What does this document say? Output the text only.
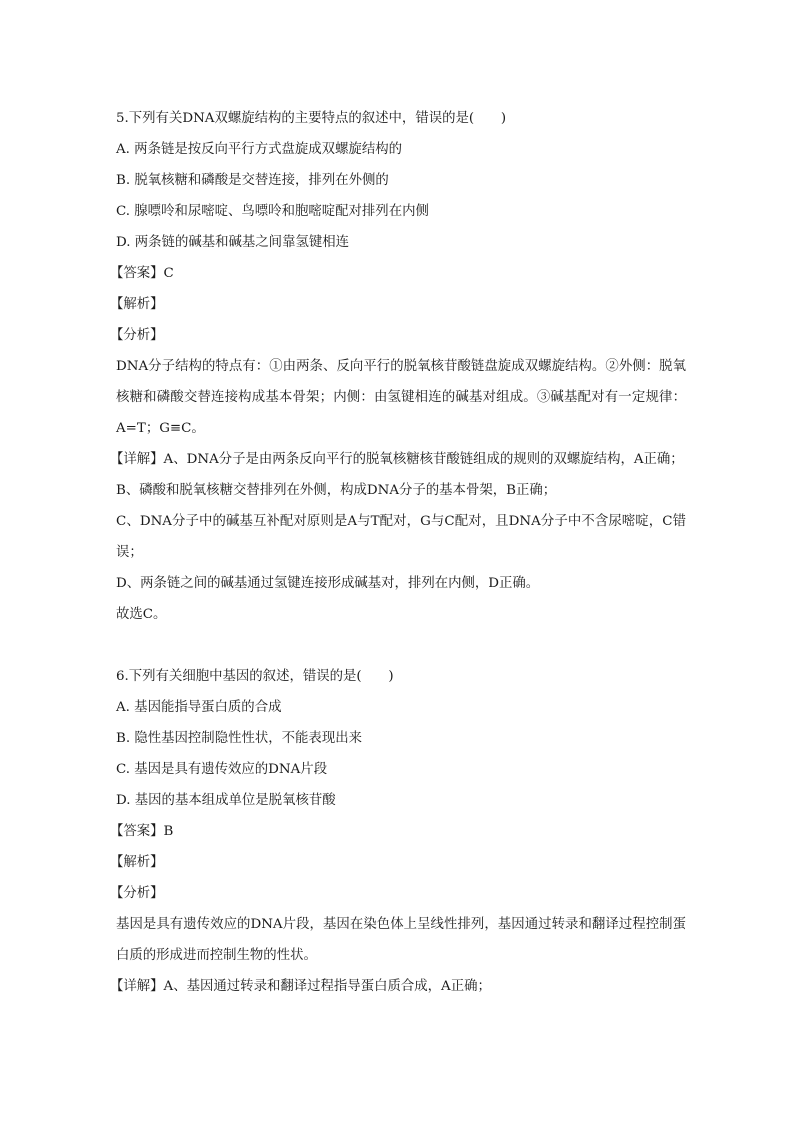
5.下列有关DNA双螺旋结构的主要特点的叙述中，错误的是(　　)
A. 两条链是按反向平行方式盘旋成双螺旋结构的
B. 脱氧核糖和磷酸是交替连接，排列在外侧的
C. 腺嘌呤和尿嘧啶、鸟嘌呤和胞嘧啶配对排列在内侧
D. 两条链的碱基和碱基之间靠氢键相连
【答案】C
【解析】
【分析】
DNA分子结构的特点有：①由两条、反向平行的脱氧核苷酸链盘旋成双螺旋结构。②外侧：脱氧核糖和磷酸交替连接构成基本骨架；内侧：由氢键相连的碱基对组成。③碱基配对有一定规律：A=T；G≡C。
【详解】A、DNA分子是由两条反向平行的脱氧核糖核苷酸链组成的规则的双螺旋结构，A正确；
B、磷酸和脱氧核糖交替排列在外侧，构成DNA分子的基本骨架，B正确；
C、DNA分子中的碱基互补配对原则是A与T配对，G与C配对，且DNA分子中不含尿嘧啶，C错误；
D、两条链之间的碱基通过氢键连接形成碱基对，排列在内侧，D正确。
故选C。
6.下列有关细胞中基因的叙述，错误的是(　　)
A. 基因能指导蛋白质的合成
B. 隐性基因控制隐性性状，不能表现出来
C. 基因是具有遗传效应的DNA片段
D. 基因的基本组成单位是脱氧核苷酸
【答案】B
【解析】
【分析】
基因是具有遗传效应的DNA片段，基因在染色体上呈线性排列，基因通过转录和翻译过程控制蛋白质的形成进而控制生物的性状。
【详解】A、基因通过转录和翻译过程指导蛋白质合成，A正确；
